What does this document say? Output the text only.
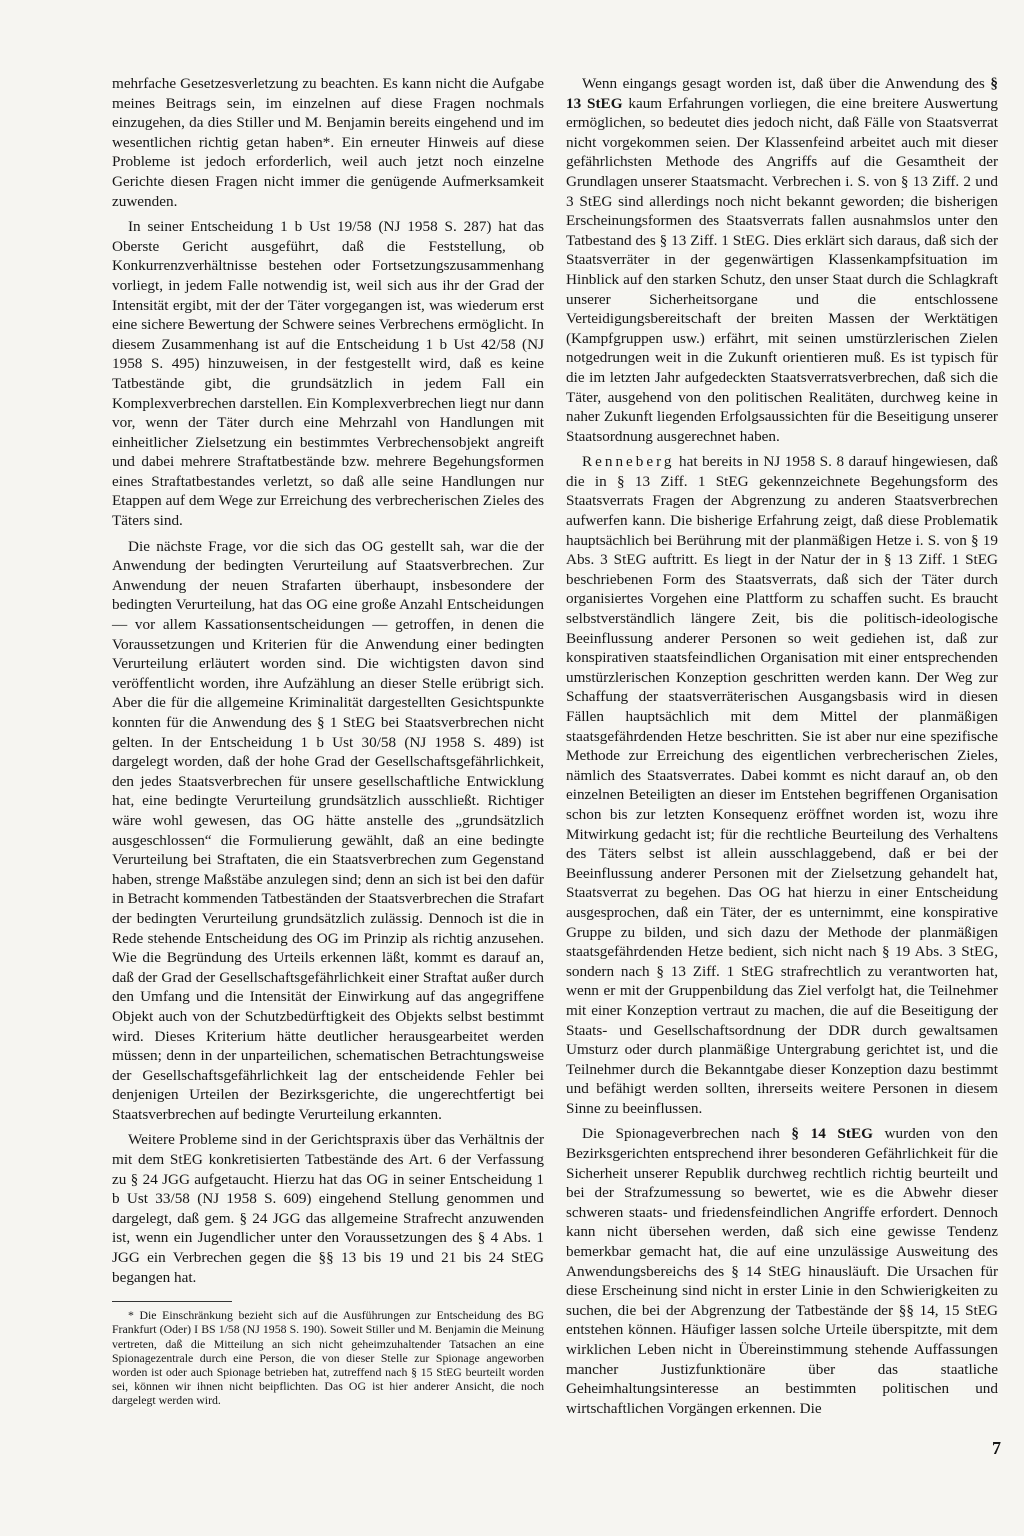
mehrfache Gesetzesverletzung zu beachten. Es kann nicht die Aufgabe meines Beitrags sein, im einzelnen auf diese Fragen nochmals einzugehen, da dies Stiller und M. Benjamin bereits eingehend und im wesentlichen richtig getan haben*. Ein erneuter Hinweis auf diese Probleme ist jedoch erforderlich, weil auch jetzt noch einzelne Gerichte diesen Fragen nicht immer die genügende Aufmerksamkeit zuwenden.

In seiner Entscheidung 1 b Ust 19/58 (NJ 1958 S. 287) hat das Oberste Gericht ausgeführt, daß die Feststellung, ob Konkurrenzverhältnisse bestehen oder Fortsetzungszusammenhang vorliegt, in jedem Falle notwendig ist, weil sich aus ihr der Grad der Intensität ergibt, mit der der Täter vorgegangen ist, was wiederum erst eine sichere Bewertung der Schwere seines Verbrechens ermöglicht. In diesem Zusammenhang ist auf die Entscheidung 1 b Ust 42/58 (NJ 1958 S. 495) hinzuweisen, in der festgestellt wird, daß es keine Tatbestände gibt, die grundsätzlich in jedem Fall ein Komplexverbrechen darstellen. Ein Komplexverbrechen liegt nur dann vor, wenn der Täter durch eine Mehrzahl von Handlungen mit einheitlicher Zielsetzung ein bestimmtes Verbrechensobjekt angreift und dabei mehrere Straftatbestände bzw. mehrere Begehungsformen eines Straftatbestandes verletzt, so daß alle seine Handlungen nur Etappen auf dem Wege zur Erreichung des verbrecherischen Zieles des Täters sind.

Die nächste Frage, vor die sich das OG gestellt sah, war die der Anwendung der bedingten Verurteilung auf Staatsverbrechen. Zur Anwendung der neuen Strafarten überhaupt, insbesondere der bedingten Verurteilung, hat das OG eine große Anzahl Entscheidungen — vor allem Kassationsentscheidungen — getroffen, in denen die Voraussetzungen und Kriterien für die Anwendung einer bedingten Verurteilung erläutert worden sind. Die wichtigsten davon sind veröffentlicht worden, ihre Aufzählung an dieser Stelle erübrigt sich. Aber die für die allgemeine Kriminalität dargestellten Gesichtspunkte konnten für die Anwendung des § 1 StEG bei Staatsverbrechen nicht gelten. In der Entscheidung 1 b Ust 30/58 (NJ 1958 S. 489) ist dargelegt worden, daß der hohe Grad der Gesellschaftsgefährlichkeit, den jedes Staatsverbrechen für unsere gesellschaftliche Entwicklung hat, eine bedingte Verurteilung grundsätzlich ausschließt. Richtiger wäre wohl gewesen, das OG hätte anstelle des „grundsätzlich ausgeschlossen“ die Formulierung gewählt, daß an eine bedingte Verurteilung bei Straftaten, die ein Staatsverbrechen zum Gegenstand haben, strenge Maßstäbe anzulegen sind; denn an sich ist bei den dafür in Betracht kommenden Tatbeständen der Staatsverbrechen die Strafart der bedingten Verurteilung grundsätzlich zulässig. Dennoch ist die in Rede stehende Entscheidung des OG im Prinzip als richtig anzusehen. Wie die Begründung des Urteils erkennen läßt, kommt es darauf an, daß der Grad der Gesellschaftsgefährlichkeit einer Straftat außer durch den Umfang und die Intensität der Einwirkung auf das angegriffene Objekt auch von der Schutzbedürftigkeit des Objekts selbst bestimmt wird. Dieses Kriterium hätte deutlicher herausgearbeitet werden müssen; denn in der unparteilichen, schematischen Betrachtungsweise der Gesellschaftsgefährlichkeit lag der entscheidende Fehler bei denjenigen Urteilen der Bezirksgerichte, die ungerechtfertigt bei Staatsverbrechen auf bedingte Verurteilung erkannten.

Weitere Probleme sind in der Gerichtspraxis über das Verhältnis der mit dem StEG konkretisierten Tatbestände des Art. 6 der Verfassung zu § 24 JGG aufgetaucht. Hierzu hat das OG in seiner Entscheidung 1 b Ust 33/58 (NJ 1958 S. 609) eingehend Stellung genommen und dargelegt, daß gem. § 24 JGG das allgemeine Strafrecht anzuwenden ist, wenn ein Jugendlicher unter den Voraussetzungen des § 4 Abs. 1 JGG ein Verbrechen gegen die §§ 13 bis 19 und 21 bis 24 StEG begangen hat.

* Die Einschränkung bezieht sich auf die Ausführungen zur Entscheidung des BG Frankfurt (Oder) I BS 1/58 (NJ 1958 S. 190). Soweit Stiller und M. Benjamin die Meinung vertreten, daß die Mitteilung an sich nicht geheimzuhaltender Tatsachen an eine Spionagezentrale durch eine Person, die von dieser Stelle zur Spionage angeworben worden ist oder auch Spionage betrieben hat, zutreffend nach § 15 StEG beurteilt worden sei, können wir ihnen nicht beipflichten. Das OG ist hier anderer Ansicht, die noch dargelegt werden wird.

Wenn eingangs gesagt worden ist, daß über die Anwendung des § 13 StEG kaum Erfahrungen vorliegen, die eine breitere Auswertung ermöglichen, so bedeutet dies jedoch nicht, daß Fälle von Staatsverrat nicht vorgekommen seien. Der Klassenfeind arbeitet auch mit dieser gefährlichsten Methode des Angriffs auf die Gesamtheit der Grundlagen unserer Staatsmacht. Verbrechen i. S. von § 13 Ziff. 2 und 3 StEG sind allerdings noch nicht bekannt geworden; die bisherigen Erscheinungsformen des Staatsverrats fallen ausnahmslos unter den Tatbestand des § 13 Ziff. 1 StEG. Dies erklärt sich daraus, daß sich der Staatsverräter in der gegenwärtigen Klassenkampfsituation im Hinblick auf den starken Schutz, den unser Staat durch die Schlagkraft unserer Sicherheitsorgane und die entschlossene Verteidigungsbereitschaft der breiten Massen der Werktätigen (Kampfgruppen usw.) erfährt, mit seinen umstürzlerischen Zielen notgedrungen weit in die Zukunft orientieren muß. Es ist typisch für die im letzten Jahr aufgedeckten Staatsverratsverbrechen, daß sich die Täter, ausgehend von den politischen Realitäten, durchweg keine in naher Zukunft liegenden Erfolgsaussichten für die Beseitigung unserer Staatsordnung ausgerechnet haben.

Renneberg hat bereits in NJ 1958 S. 8 darauf hingewiesen, daß die in § 13 Ziff. 1 StEG gekennzeichnete Begehungsform des Staatsverrats Fragen der Abgrenzung zu anderen Staatsverbrechen aufwerfen kann. Die bisherige Erfahrung zeigt, daß diese Problematik hauptsächlich bei Berührung mit der planmäßigen Hetze i. S. von § 19 Abs. 3 StEG auftritt. Es liegt in der Natur der in § 13 Ziff. 1 StEG beschriebenen Form des Staatsverrats, daß sich der Täter durch organisiertes Vorgehen eine Plattform zu schaffen sucht. Es braucht selbstverständlich längere Zeit, bis die politisch-ideologische Beeinflussung anderer Personen so weit gediehen ist, daß zur konspirativen staatsfeindlichen Organisation mit einer entsprechenden umstürzlerischen Konzeption geschritten werden kann. Der Weg zur Schaffung der staatsverräterischen Ausgangsbasis wird in diesen Fällen hauptsächlich mit dem Mittel der planmäßigen staatsgefährdenden Hetze beschritten. Sie ist aber nur eine spezifische Methode zur Erreichung des eigentlichen verbrecherischen Zieles, nämlich des Staatsverrates. Dabei kommt es nicht darauf an, ob den einzelnen Beteiligten an dieser im Entstehen begriffenen Organisation schon bis zur letzten Konsequenz eröffnet worden ist, wozu ihre Mitwirkung gedacht ist; für die rechtliche Beurteilung des Verhaltens des Täters selbst ist allein ausschlaggebend, daß er bei der Beeinflussung anderer Personen mit der Zielsetzung gehandelt hat, Staatsverrat zu begehen. Das OG hat hierzu in einer Entscheidung ausgesprochen, daß ein Täter, der es unternimmt, eine konspirative Gruppe zu bilden, und sich dazu der Methode der planmäßigen staatsgefährdenden Hetze bedient, sich nicht nach § 19 Abs. 3 StEG, sondern nach § 13 Ziff. 1 StEG strafrechtlich zu verantworten hat, wenn er mit der Gruppenbildung das Ziel verfolgt hat, die Teilnehmer mit einer Konzeption vertraut zu machen, die auf die Beseitigung der Staats- und Gesellschaftsordnung der DDR durch gewaltsamen Umsturz oder durch planmäßige Untergrabung gerichtet ist, und die Teilnehmer durch die Bekanntgabe dieser Konzeption dazu bestimmt und befähigt werden sollten, ihrerseits weitere Personen in diesem Sinne zu beeinflussen.

Die Spionageverbrechen nach § 14 StEG wurden von den Bezirksgerichten entsprechend ihrer besonderen Gefährlichkeit für die Sicherheit unserer Republik durchweg rechtlich richtig beurteilt und bei der Strafzumessung so bewertet, wie es die Abwehr dieser schweren staats- und friedensfeindlichen Angriffe erfordert. Dennoch kann nicht übersehen werden, daß sich eine gewisse Tendenz bemerkbar gemacht hat, die auf eine unzulässige Ausweitung des Anwendungsbereichs des § 14 StEG hinausläuft. Die Ursachen für diese Erscheinung sind nicht in erster Linie in den Schwierigkeiten zu suchen, die bei der Abgrenzung der Tatbestände der §§ 14, 15 StEG entstehen können. Häufiger lassen solche Urteile überspitzte, mit dem wirklichen Leben nicht in Übereinstimmung stehende Auffassungen mancher Justizfunktionäre über das staatliche Geheimhaltungsinteresse an bestimmten politischen und wirtschaftlichen Vorgängen erkennen. Die

7
